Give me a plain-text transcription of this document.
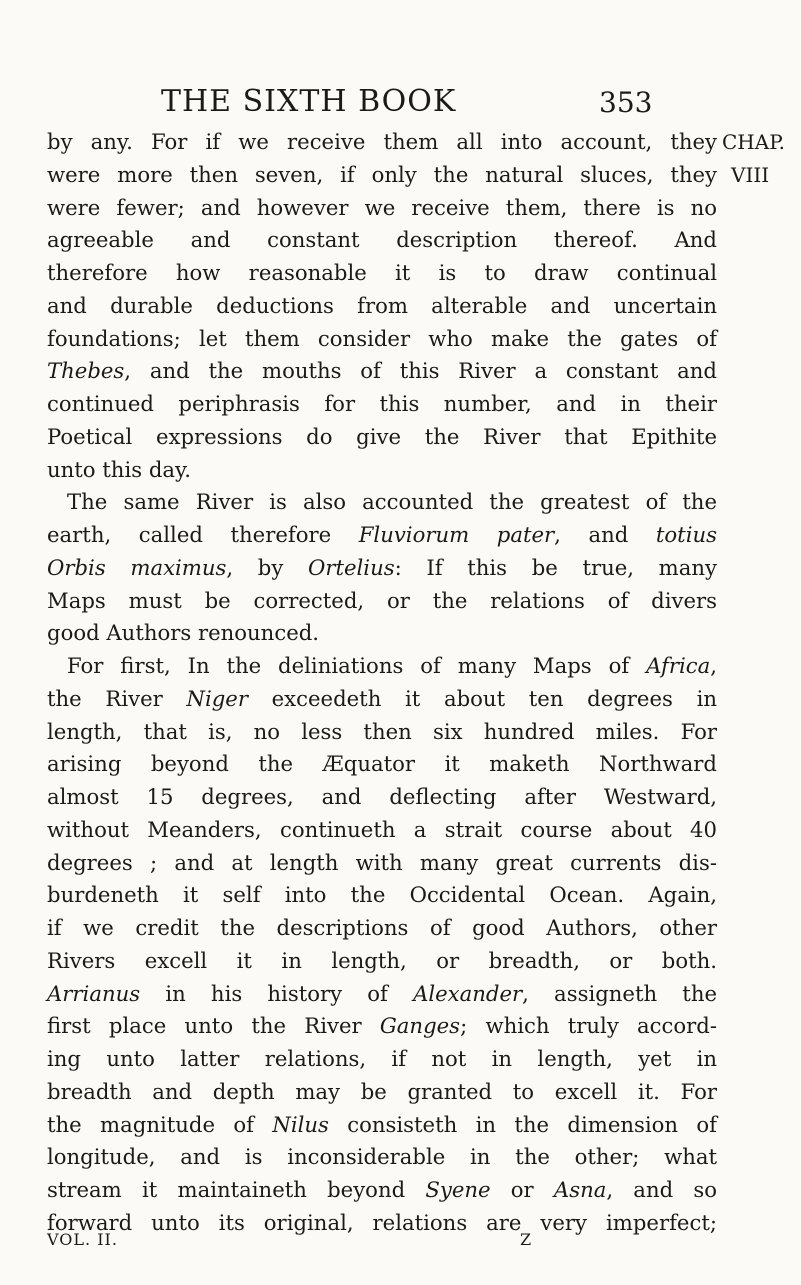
THE SIXTH BOOK	353
CHAP.
VIII
by any. For if we receive them all into account, they
were more then seven, if only the natural sluces, they
were fewer; and however we receive them, there is no
agreeable and constant description thereof. And
therefore how reasonable it is to draw continual
and durable deductions from alterable and uncertain
foundations; let them consider who make the gates of
Thebes, and the mouths of this River a constant and
continued periphrasis for this number, and in their
Poetical expressions do give the River that Epithite
unto this day.
The same River is also accounted the greatest of the
earth, called therefore Fluviorum pater, and totius
Orbis maximus, by Ortelius: If this be true, many
Maps must be corrected, or the relations of divers
good Authors renounced.
For first, In the deliniations of many Maps of Africa,
the River Niger exceedeth it about ten degrees in
length, that is, no less then six hundred miles. For
arising beyond the Æquator it maketh Northward
almost 15 degrees, and deflecting after Westward,
without Meanders, continueth a strait course about 40
degrees ; and at length with many great currents dis-
burdeneth it self into the Occidental Ocean. Again,
if we credit the descriptions of good Authors, other
Rivers excell it in length, or breadth, or both.
Arrianus in his history of Alexander, assigneth the
first place unto the River Ganges; which truly accord-
ing unto latter relations, if not in length, yet in
breadth and depth may be granted to excell it. For
the magnitude of Nilus consisteth in the dimension of
longitude, and is inconsiderable in the other; what
stream it maintaineth beyond Syene or Asna, and so
forward unto its original, relations are very imperfect;
VOL. II.	Z
